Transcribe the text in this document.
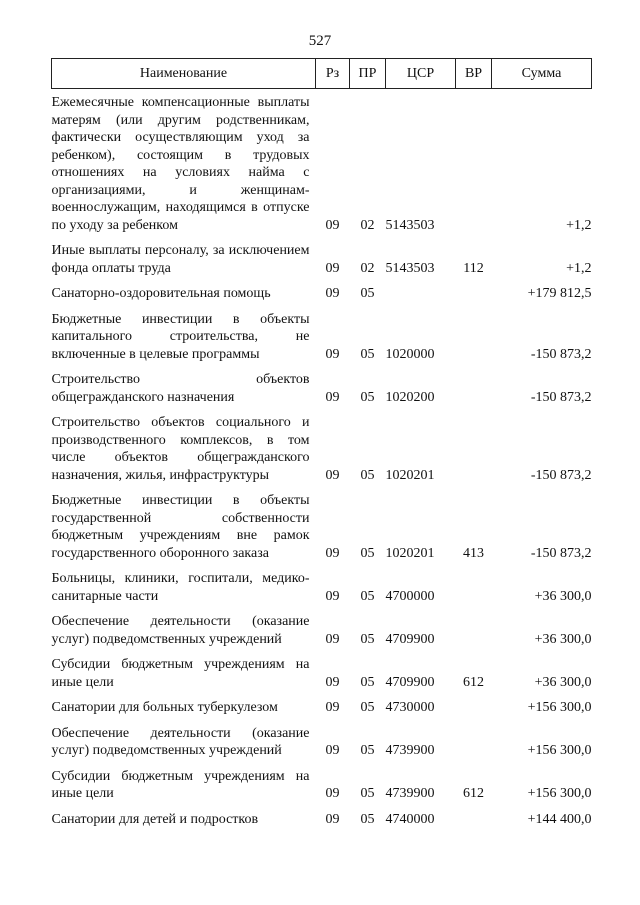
527
Наименование	Рз	ПР	ЦСР	ВР	Сумма
Ежемесячные компенсационные выплаты матерям (или другим родственникам, фактически осуществляющим уход за ребенком), состоящим в трудовых отношениях на условиях найма с организациями, и женщинам-военнослужащим, находящимся в отпуске по уходу за ребенком	09	02	5143503		+1,2
Иные выплаты персоналу, за исключением фонда оплаты труда	09	02	5143503	112	+1,2
Санаторно-оздоровительная помощь	09	05			+179 812,5
Бюджетные инвестиции в объекты капитального строительства, не включенные в целевые программы	09	05	1020000		-150 873,2
Строительство объектов общегражданского назначения	09	05	1020200		-150 873,2
Строительство объектов социального и производственного комплексов, в том числе объектов общегражданского назначения, жилья, инфраструктуры	09	05	1020201		-150 873,2
Бюджетные инвестиции в объекты государственной собственности бюджетным учреждениям вне рамок государственного оборонного заказа	09	05	1020201	413	-150 873,2
Больницы, клиники, госпитали, медико-санитарные части	09	05	4700000		+36 300,0
Обеспечение деятельности (оказание услуг) подведомственных учреждений	09	05	4709900		+36 300,0
Субсидии бюджетным учреждениям на иные цели	09	05	4709900	612	+36 300,0
Санатории для больных туберкулезом	09	05	4730000		+156 300,0
Обеспечение деятельности (оказание услуг) подведомственных учреждений	09	05	4739900		+156 300,0
Субсидии бюджетным учреждениям на иные цели	09	05	4739900	612	+156 300,0
Санатории для детей и подростков	09	05	4740000		+144 400,0
